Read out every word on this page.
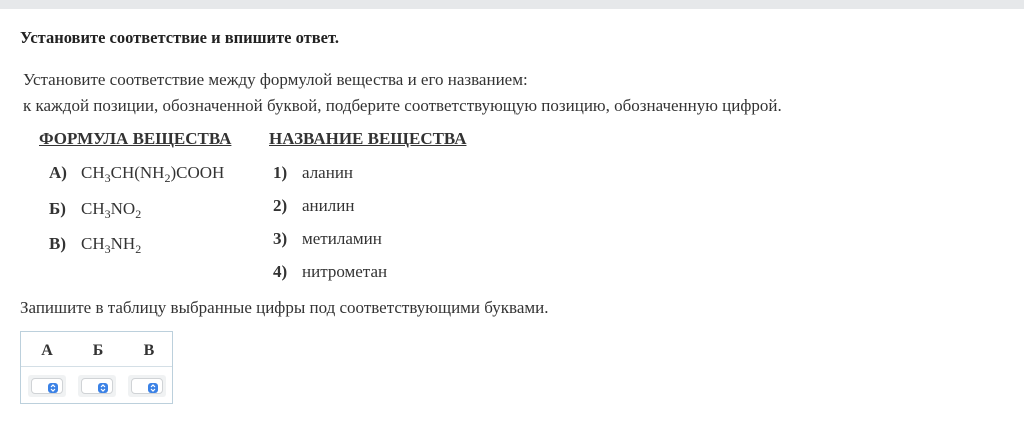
Установите соответствие и впишите ответ.
Установите соответствие между формулой вещества и его названием:
к каждой позиции, обозначенной буквой, подберите соответствующую позицию, обозначенную цифрой.
ФОРМУЛА ВЕЩЕСТВА НАЗВАНИЕ ВЕЩЕСТВА
А) $CH_3CH(NH_2)COOH$
Б) $CH_3NO_2$
В) $CH_3NH_2$
1) аланин
2) анилин
3) метиламин
4) нитрометан
Запишите в таблицу выбранные цифры под соответствующими буквами.
А	Б	В
